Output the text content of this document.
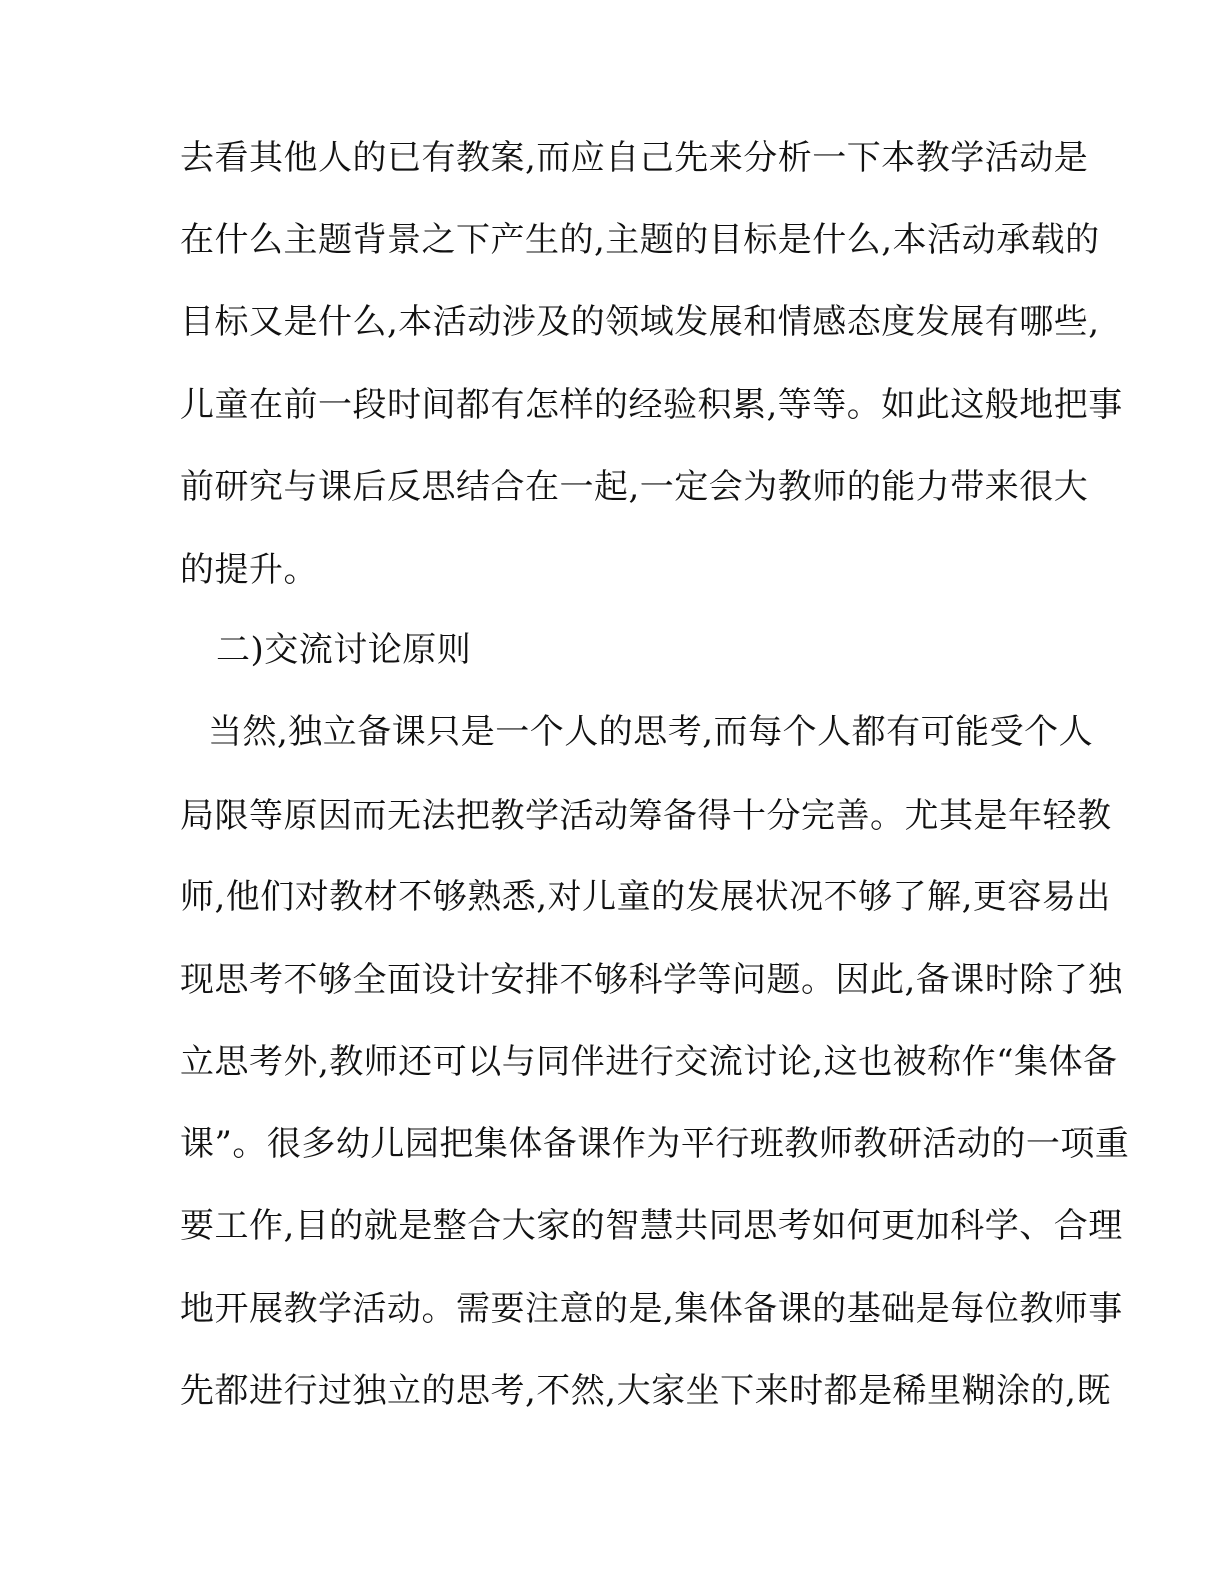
去看其他人的已有教案,而应自己先来分析一下本教学活动是
在什么主题背景之下产生的,主题的目标是什么,本活动承载的
目标又是什么,本活动涉及的领域发展和情感态度发展有哪些,
儿童在前一段时间都有怎样的经验积累,等等。如此这般地把事
前研究与课后反思结合在一起,一定会为教师的能力带来很大
的提升。
二)交流讨论原则
当然,独立备课只是一个人的思考,而每个人都有可能受个人
局限等原因而无法把教学活动筹备得十分完善。尤其是年轻教
师,他们对教材不够熟悉,对儿童的发展状况不够了解,更容易出
现思考不够全面设计安排不够科学等问题。因此,备课时除了独
立思考外,教师还可以与同伴进行交流讨论,这也被称作“集体备
课”。很多幼儿园把集体备课作为平行班教师教研活动的一项重
要工作,目的就是整合大家的智慧共同思考如何更加科学、合理
地开展教学活动。需要注意的是,集体备课的基础是每位教师事
先都进行过独立的思考,不然,大家坐下来时都是稀里糊涂的,既
